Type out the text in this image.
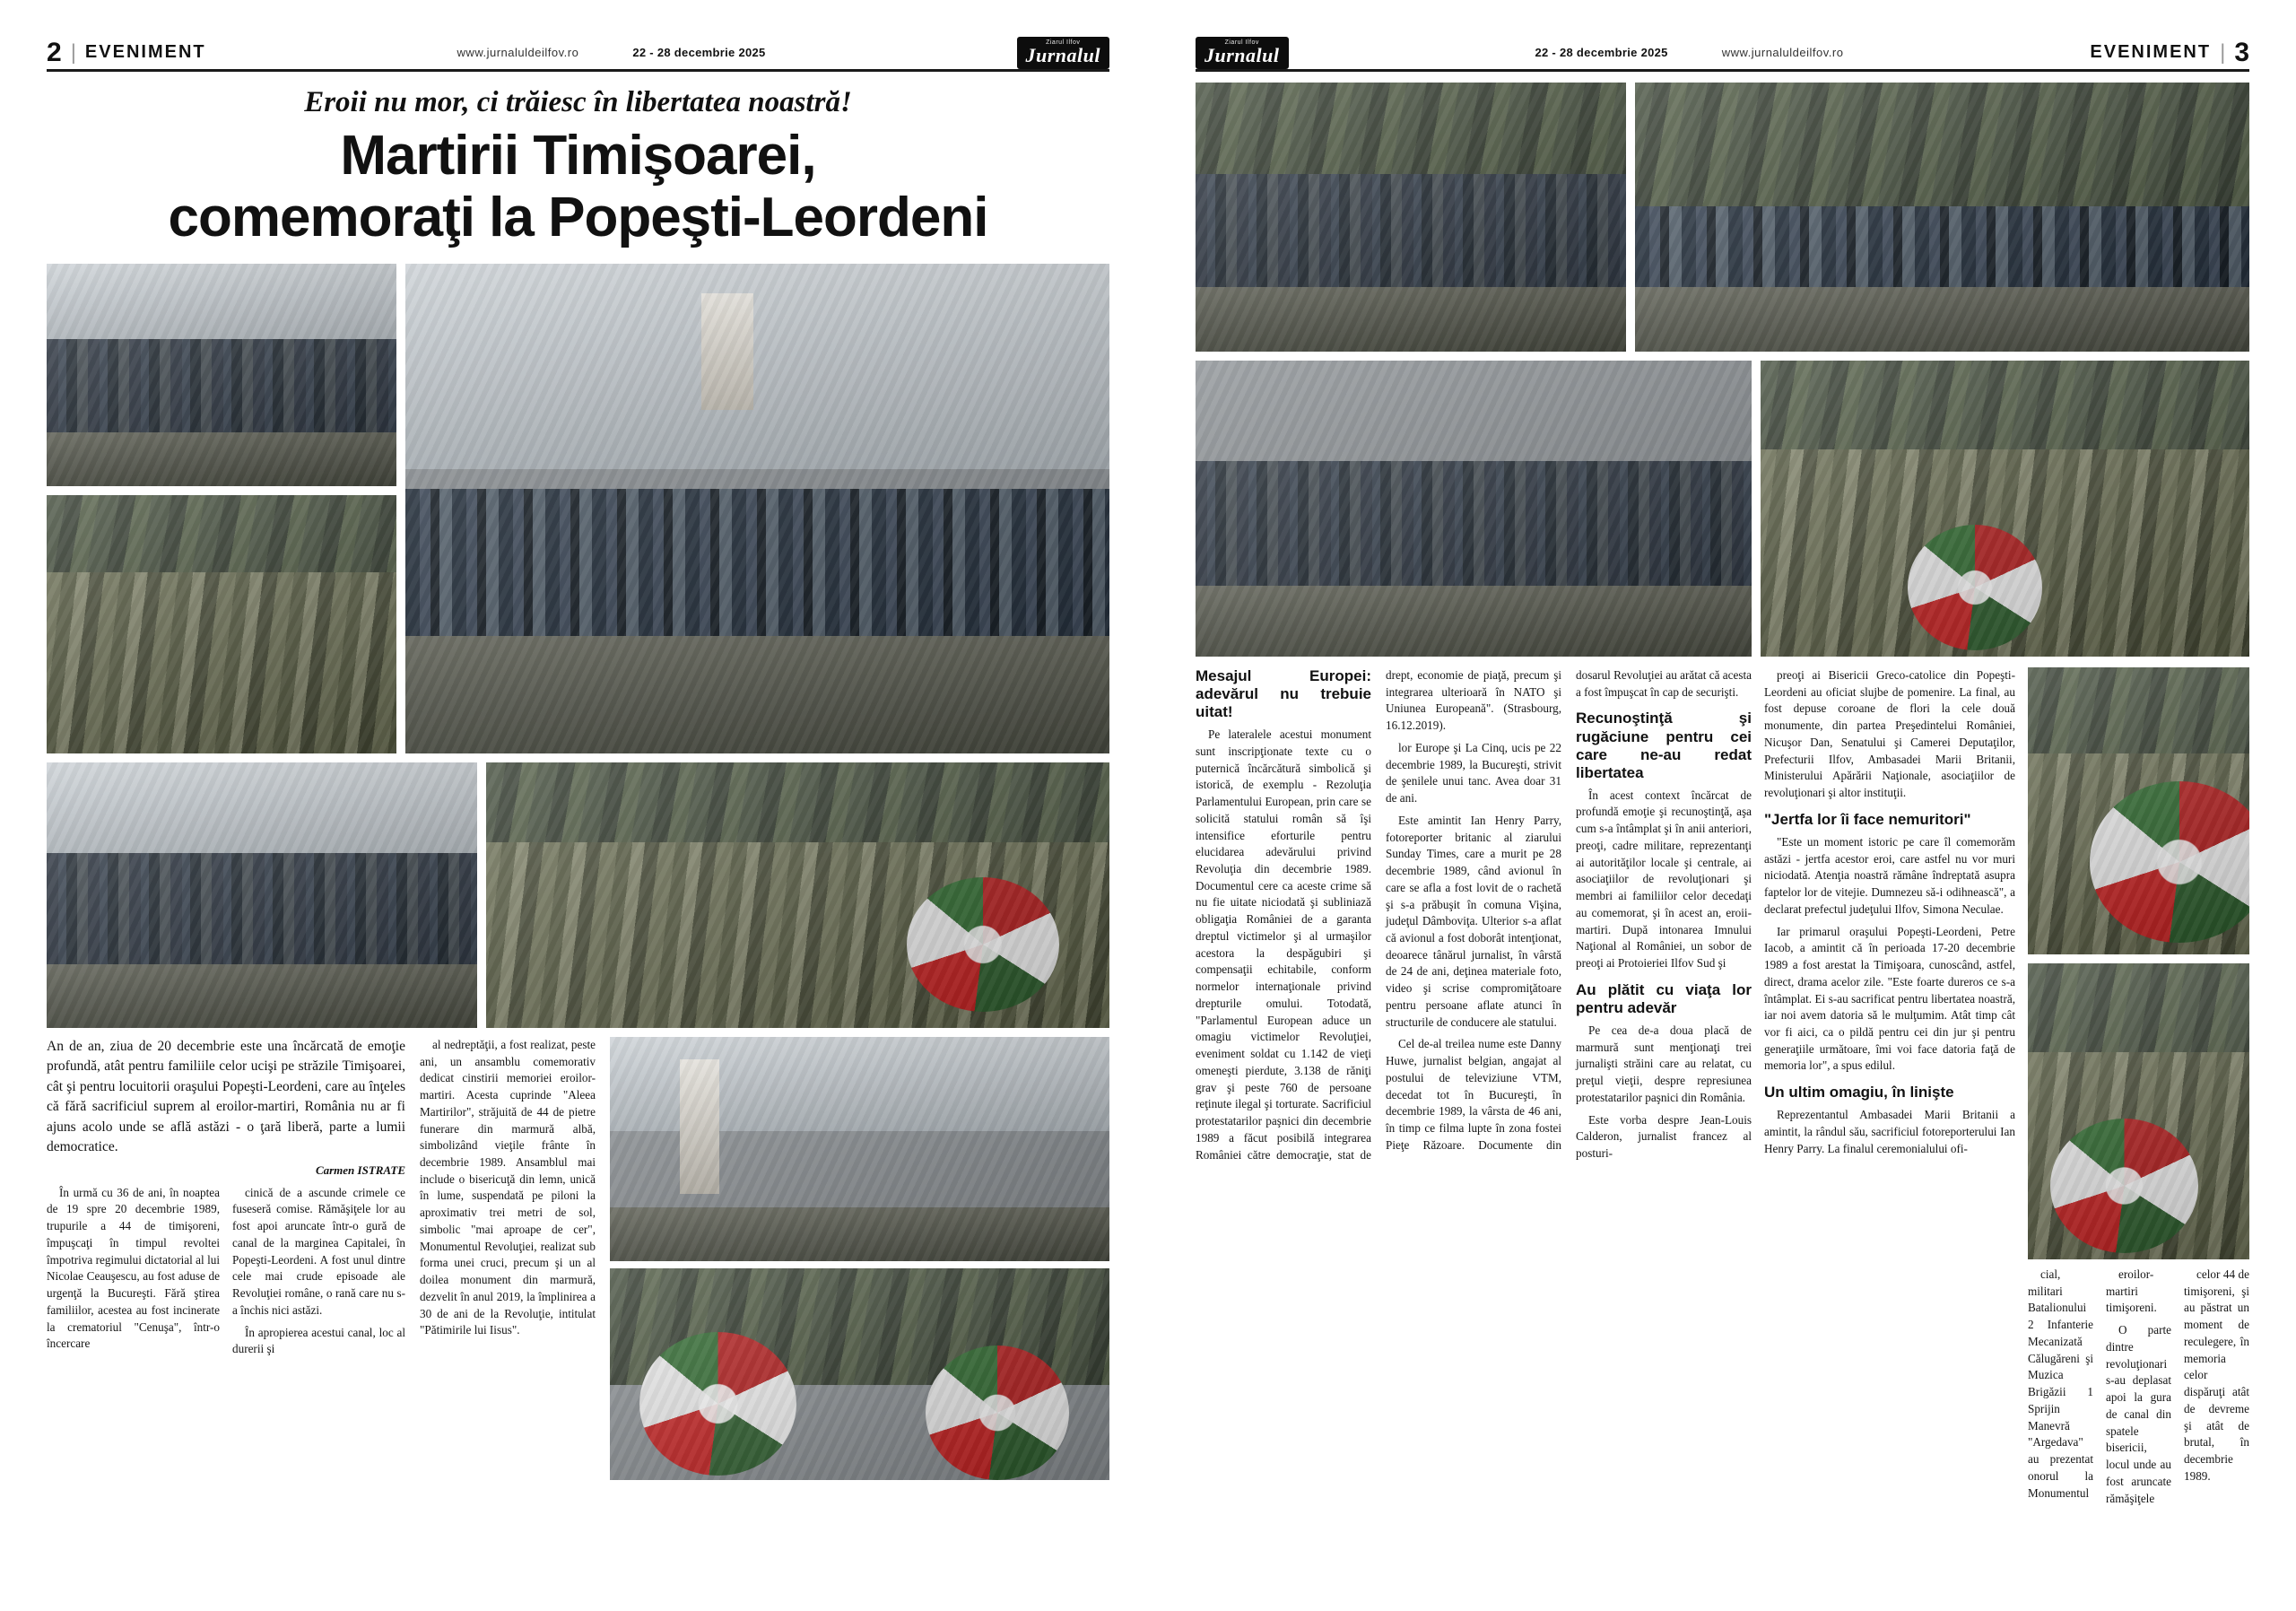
2 | EVENIMENT	www.jurnaluldeilfov.ro	22 - 28 decembrie 2025
Ziarul Ilfov
Jurnalul
Eroii nu mor, ci trăiesc în libertatea noastră!
Martirii Timişoarei,
comemoraţi la Popeşti-Leordeni
An de an, ziua de 20 decembrie este una încărcată de emoţie profundă, atât pentru familiile celor ucişi pe străzile Timişoarei, cât şi pentru locuitorii oraşului Popeşti-Leordeni, care au înţeles că fără sacrificiul suprem al eroilor-martiri, România nu ar fi ajuns acolo unde se află astăzi - o ţară liberă, parte a lumii democratice.
Carmen ISTRATE

În urmă cu 36 de ani, în noaptea de 19 spre 20 decembrie 1989, trupurile a 44 de timişoreni, împuşcaţi în timpul revoltei împotriva regimului dictatorial al lui Nicolae Ceauşescu, au fost aduse de urgenţă la Bucureşti. Fără ştirea familiilor, acestea au fost incinerate la crematoriul "Cenuşa", într-o încercare

cinică de a ascunde crimele ce fuseseră comise. Rămăşiţele lor au fost apoi aruncate într-o gură de canal de la marginea Capitalei, în Popeşti-Leordeni. A fost unul dintre cele mai crude episoade ale Revoluţiei române, o rană care nu s-a închis nici astăzi.

În apropierea acestui canal, loc al durerii şi

al nedreptăţii, a fost realizat, peste ani, un ansamblu comemorativ dedicat cinstirii memoriei eroilor-martiri. Acesta cuprinde "Aleea Martirilor", străjuită de 44 de pietre funerare din marmură albă, simbolizând vieţile frânte în decembrie 1989. Ansamblul mai include o bisericuţă din lemn, unică în lume, suspendată pe piloni la aproximativ trei metri de sol, simbolic "mai aproape de cer", Monumentul Revoluţiei, realizat sub forma unei cruci, precum şi un al doilea monument din marmură, dezvelit în anul 2019, la împlinirea a 30 de ani de la Revoluţie, intitulat "Pătimirile lui Iisus".

Ziarul Ilfov
Jurnalul	22 - 28 decembrie 2025	www.jurnaluldeilfov.ro	EVENIMENT | 3
Mesajul Europei: adevărul nu trebuie uitat!

Pe lateralele acestui monument sunt inscripţionate texte cu o puternică încărcătură simbolică şi istorică, de exemplu - Rezoluţia Parlamentului European, prin care se solicită statului român să îşi intensifice eforturile pentru elucidarea adevărului privind Revoluţia din decembrie 1989. Documentul cere ca aceste crime să nu fie uitate niciodată şi subliniază obligaţia României de a garanta dreptul victimelor şi al urmaşilor acestora la despăgubiri şi compensaţii echitabile, conform normelor internaţionale privind drepturile omului. Totodată, "Parlamentul European aduce un omagiu victimelor Revoluţiei, eveniment soldat cu 1.142 de vieţi omeneşti pierdute, 3.138 de răniţi grav şi peste 760 de persoane reţinute ilegal şi torturate. Sacrificiul protestatarilor paşnici din decembrie 1989 a făcut posibilă integrarea României către democraţie, stat de drept, economie de piaţă, precum şi integrarea ulterioară în NATO şi Uniunea Europeană". (Strasbourg, 16.12.2019).

lor Europe şi La Cinq, ucis pe 22 decembrie 1989, la Bucureşti, strivit de şenilele unui tanc. Avea doar 31 de ani.

Este amintit Ian Henry Parry, fotoreporter britanic al ziarului Sunday Times, care a murit pe 28 decembrie 1989, când avionul în care se afla a fost lovit de o rachetă şi s-a prăbuşit în comuna Vişina, judeţul Dâmboviţa. Ulterior s-a aflat că avionul a fost doborât intenţionat, deoarece tânărul jurnalist, în vârstă de 24 de ani, deţinea materiale foto, video şi scrise compromiţătoare pentru persoane aflate atunci în structurile de conducere ale statului.

Cel de-al treilea nume este Danny Huwe, jurnalist belgian, angajat al postului de televiziune VTM, decedat tot în Bucureşti, în decembrie 1989, la vârsta de 46 ani, în timp ce filma lupte în zona fostei Pieţe Răzoare. Documente din dosarul Revoluţiei au arătat că acesta a fost împuşcat în cap de securişti.

Recunoştinţă şi rugăciune pentru cei care ne-au redat libertatea

În acest context încărcat de profundă emoţie şi recunoştinţă, aşa cum s-a întâmplat şi în anii anteriori, preoţi, cadre militare, reprezentanţi ai autorităţilor locale şi centrale, ai asociaţiilor de revoluţionari şi membri ai familiilor celor decedaţi au comemorat, şi în acest an, eroii-martiri. După intonarea Imnului Naţional al României, un sobor de preoţi ai Protoieriei Ilfov Sud şi

Au plătit cu viaţa lor pentru adevăr

Pe cea de-a doua placă de marmură sunt menţionaţi trei jurnalişti străini care au relatat, cu preţul vieţii, despre represiunea protestatarilor paşnici din România.

Este vorba despre Jean-Louis Calderon, jurnalist francez al posturi-

preoţi ai Bisericii Greco-catolice din Popeşti-Leordeni au oficiat slujbe de pomenire. La final, au fost depuse coroane de flori la cele două monumente, din partea Preşedintelui României, Nicuşor Dan, Senatului şi Camerei Deputaţilor, Prefecturii Ilfov, Ambasadei Marii Britanii, Ministerului Apărării Naţionale, asociaţiilor de revoluţionari şi altor instituţii.

"Jertfa lor îi face nemuritori"

"Este un moment istoric pe care îl comemorăm astăzi - jertfa acestor eroi, care astfel nu vor muri niciodată. Atenţia noastră rămâne îndreptată asupra faptelor lor de vitejie. Dumnezeu să-i odihnească", a declarat prefectul judeţului Ilfov, Simona Neculae.

Iar primarul oraşului Popeşti-Leordeni, Petre Iacob, a amintit că în perioada 17-20 decembrie 1989 a fost arestat la Timişoara, cunoscând, astfel, direct, drama acelor zile. "Este foarte dureros ce s-a întâmplat. Ei s-au sacrificat pentru libertatea noastră, iar noi avem datoria să le mulţumim. Atât timp cât vor fi aici, ca o pildă pentru cei din jur şi pentru generaţiile următoare, îmi voi face datoria faţă de memoria lor", a spus edilul.

Un ultim omagiu, în linişte

Reprezentantul Ambasadei Marii Britanii a amintit, la rândul său, sacrificiul fotoreporterului Ian Henry Parry. La finalul ceremonialului ofi-

cial, militari Batalionului 2 Infanterie Mecanizată Călugăreni şi Muzica Brigăzii 1 Sprijin Manevră "Argedava" au prezentat onorul la Monumentul

eroilor-martiri timişoreni.

O parte dintre revoluţionari s-au deplasat apoi la gura de canal din spatele bisericii, locul unde au fost aruncate rămăşiţele

celor 44 de timişoreni, şi au păstrat un moment de reculegere, în memoria celor dispăruţi atât de devreme şi atât de brutal, în decembrie 1989.
